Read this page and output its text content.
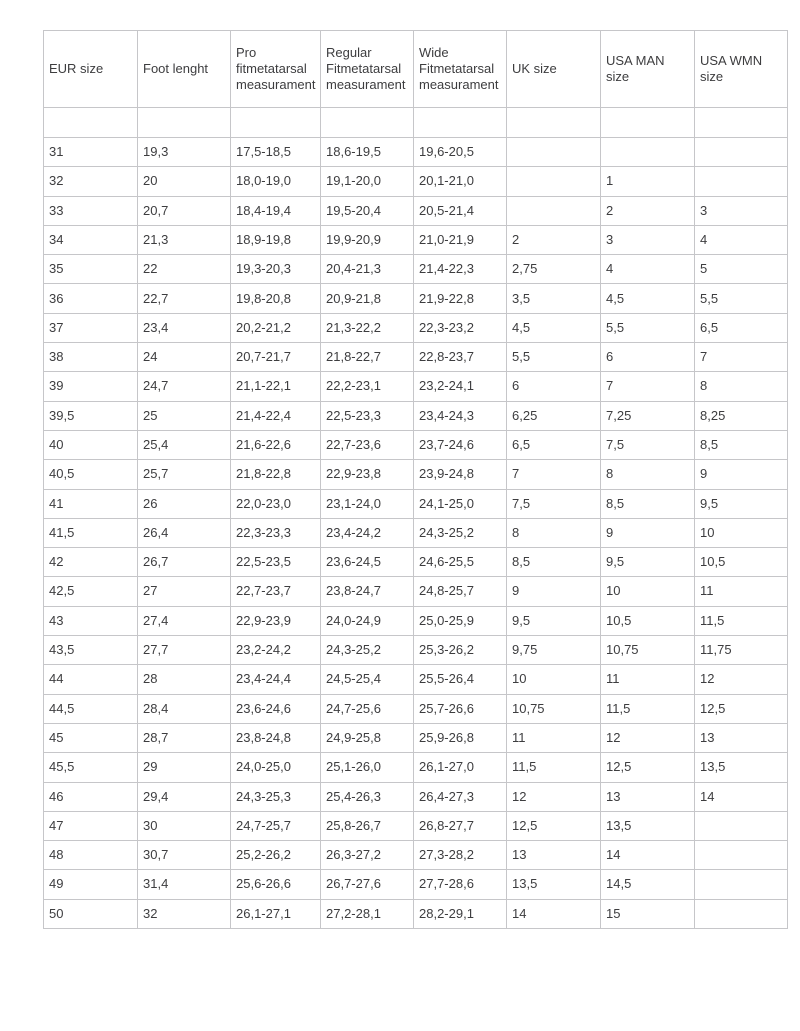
EUR size	Foot lenght	Pro fitmetatarsal measurament	Regular Fitmetatarsal measurament	Wide Fitmetatarsal measurament	UK size	USA MAN size	USA WMN size

31	19,3	17,5-18,5	18,6-19,5	19,6-20,5			
32	20	18,0-19,0	19,1-20,0	20,1-21,0		1	
33	20,7	18,4-19,4	19,5-20,4	20,5-21,4		2	3
34	21,3	18,9-19,8	19,9-20,9	21,0-21,9	2	3	4
35	22	19,3-20,3	20,4-21,3	21,4-22,3	2,75	4	5
36	22,7	19,8-20,8	20,9-21,8	21,9-22,8	3,5	4,5	5,5
37	23,4	20,2-21,2	21,3-22,2	22,3-23,2	4,5	5,5	6,5
38	24	20,7-21,7	21,8-22,7	22,8-23,7	5,5	6	7
39	24,7	21,1-22,1	22,2-23,1	23,2-24,1	6	7	8
39,5	25	21,4-22,4	22,5-23,3	23,4-24,3	6,25	7,25	8,25
40	25,4	21,6-22,6	22,7-23,6	23,7-24,6	6,5	7,5	8,5
40,5	25,7	21,8-22,8	22,9-23,8	23,9-24,8	7	8	9
41	26	22,0-23,0	23,1-24,0	24,1-25,0	7,5	8,5	9,5
41,5	26,4	22,3-23,3	23,4-24,2	24,3-25,2	8	9	10
42	26,7	22,5-23,5	23,6-24,5	24,6-25,5	8,5	9,5	10,5
42,5	27	22,7-23,7	23,8-24,7	24,8-25,7	9	10	11
43	27,4	22,9-23,9	24,0-24,9	25,0-25,9	9,5	10,5	11,5
43,5	27,7	23,2-24,2	24,3-25,2	25,3-26,2	9,75	10,75	11,75
44	28	23,4-24,4	24,5-25,4	25,5-26,4	10	11	12
44,5	28,4	23,6-24,6	24,7-25,6	25,7-26,6	10,75	11,5	12,5
45	28,7	23,8-24,8	24,9-25,8	25,9-26,8	11	12	13
45,5	29	24,0-25,0	25,1-26,0	26,1-27,0	11,5	12,5	13,5
46	29,4	24,3-25,3	25,4-26,3	26,4-27,3	12	13	14
47	30	24,7-25,7	25,8-26,7	26,8-27,7	12,5	13,5	
48	30,7	25,2-26,2	26,3-27,2	27,3-28,2	13	14	
49	31,4	25,6-26,6	26,7-27,6	27,7-28,6	13,5	14,5	
50	32	26,1-27,1	27,2-28,1	28,2-29,1	14	15	
